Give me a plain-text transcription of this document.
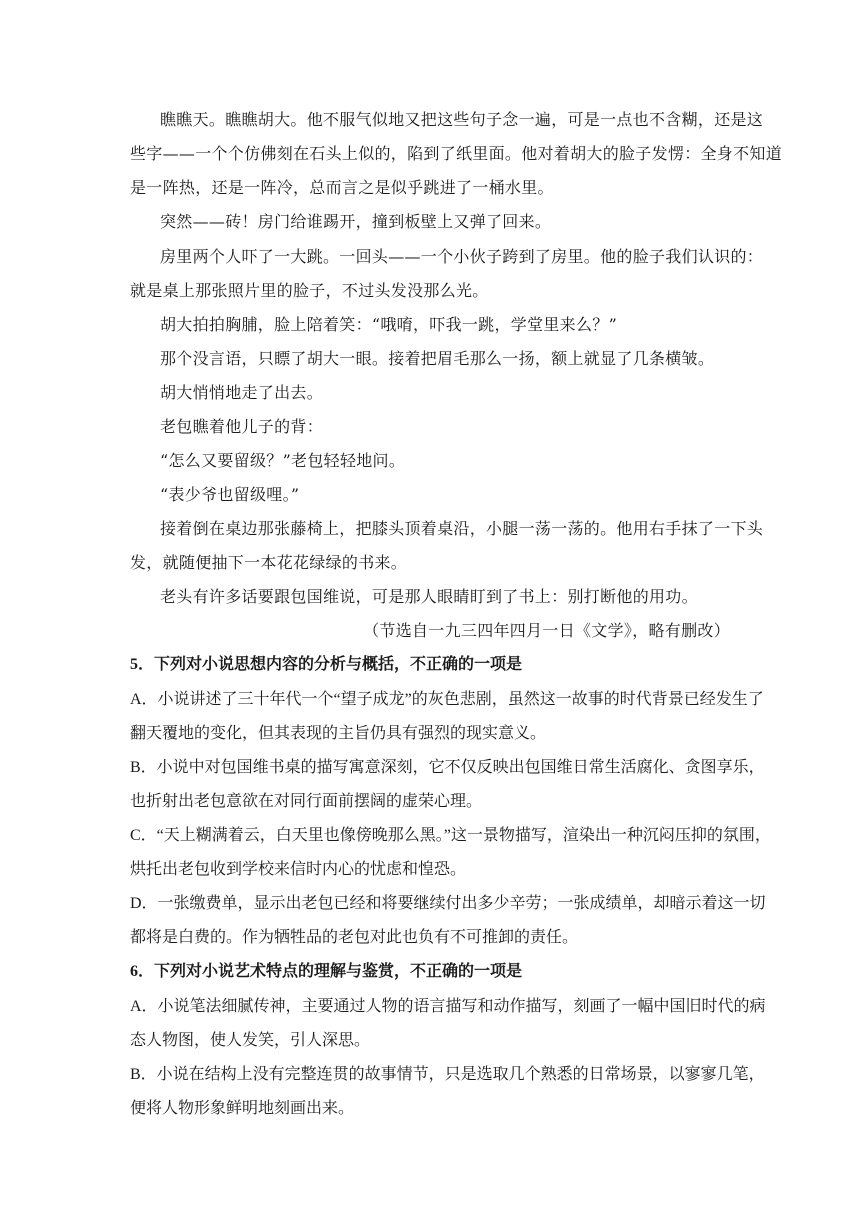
瞧瞧天。瞧瞧胡大。他不服气似地又把这些句子念一遍，可是一点也不含糊，还是这
些字——一个个仿佛刻在石头上似的，陷到了纸里面。他对着胡大的脸子发愣：全身不知道
是一阵热，还是一阵冷，总而言之是似乎跳进了一桶水里。
突然——砖！房门给谁踢开，撞到板壁上又弹了回来。
房里两个人吓了一大跳。一回头——一个小伙子跨到了房里。他的脸子我们认识的：
就是桌上那张照片里的脸子，不过头发没那么光。
胡大拍拍胸脯，脸上陪着笑：“哦唷，吓我一跳，学堂里来么？”
那个没言语，只瞟了胡大一眼。接着把眉毛那么一扬，额上就显了几条横皱。
胡大悄悄地走了出去。
老包瞧着他儿子的背：
“怎么又要留级？”老包轻轻地问。
“表少爷也留级哩。”
接着倒在桌边那张藤椅上，把膝头顶着桌沿，小腿一荡一荡的。他用右手抹了一下头
发，就随便抽下一本花花绿绿的书来。
老头有许多话要跟包国维说，可是那人眼睛盯到了书上：别打断他的用功。
（节选自一九三四年四月一日《文学》，略有删改）
5．下列对小说思想内容的分析与概括，不正确的一项是
A．小说讲述了三十年代一个“望子成龙”的灰色悲剧，虽然这一故事的时代背景已经发生了
翻天覆地的变化，但其表现的主旨仍具有强烈的现实意义。
B．小说中对包国维书桌的描写寓意深刻，它不仅反映出包国维日常生活腐化、贪图享乐，
也折射出老包意欲在对同行面前摆阔的虚荣心理。
C．“天上糊满着云，白天里也像傍晚那么黑。”这一景物描写，渲染出一种沉闷压抑的氛围，
烘托出老包收到学校来信时内心的忧虑和惶恐。
D．一张缴费单，显示出老包已经和将要继续付出多少辛劳；一张成绩单，却暗示着这一切
都将是白费的。作为牺牲品的老包对此也负有不可推卸的责任。
6．下列对小说艺术特点的理解与鉴赏，不正确的一项是
A．小说笔法细腻传神，主要通过人物的语言描写和动作描写，刻画了一幅中国旧时代的病
态人物图，使人发笑，引人深思。
B．小说在结构上没有完整连贯的故事情节，只是选取几个熟悉的日常场景，以寥寥几笔，
便将人物形象鲜明地刻画出来。
